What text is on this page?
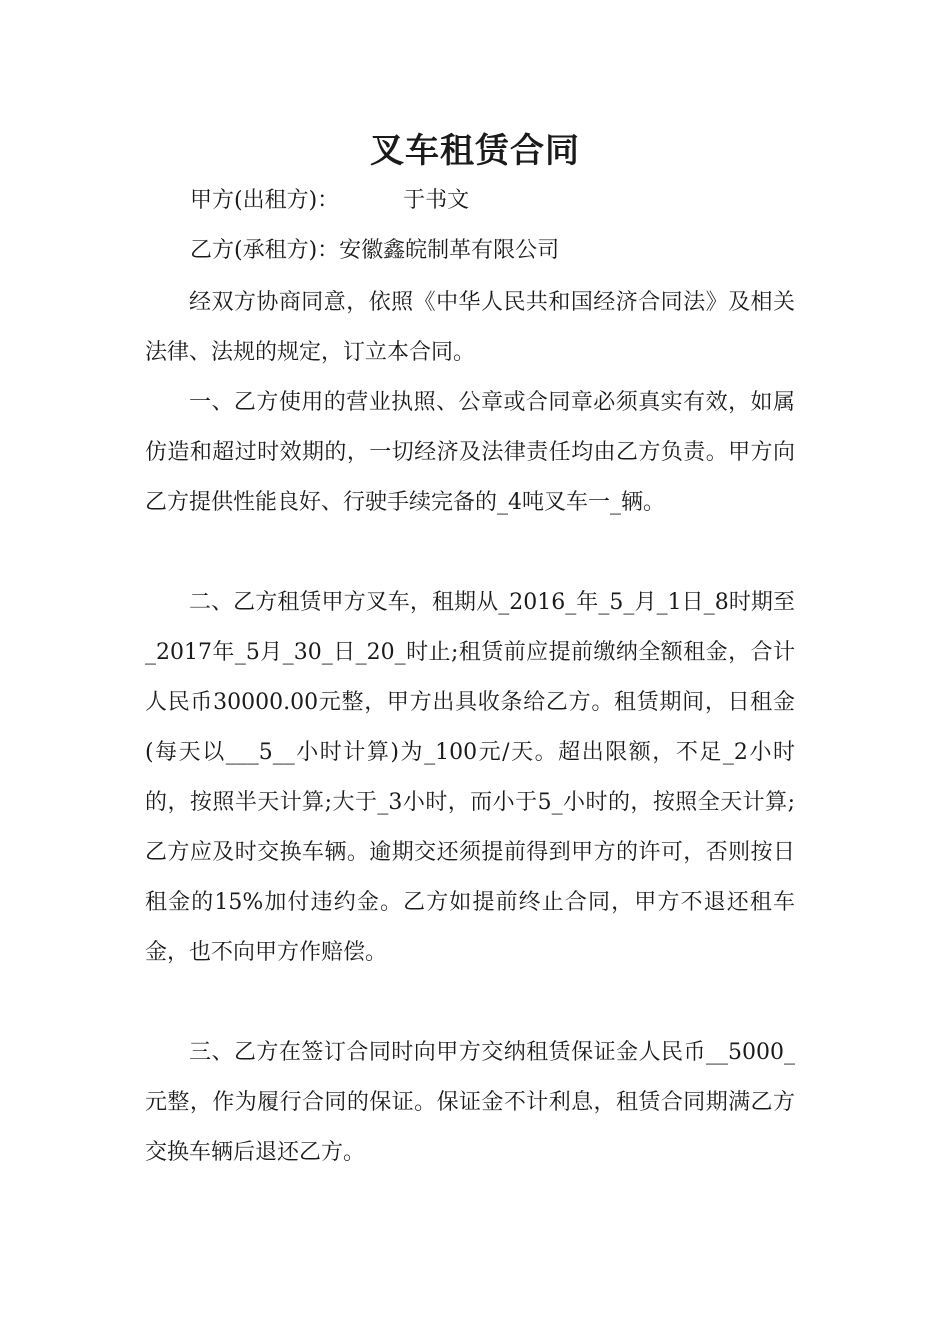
叉车租赁合同
甲方(出租方)：	于书文
乙方(承租方)：安徽鑫皖制革有限公司

经双方协商同意，依照《中华人民共和国经济合同法》及相关法律、法规的规定，订立本合同。

一、乙方使用的营业执照、公章或合同章必须真实有效，如属仿造和超过时效期的，一切经济及法律责任均由乙方负责。甲方向乙方提供性能良好、行驶手续完备的_4吨叉车一_辆。

二、乙方租赁甲方叉车，租期从_2016_年_5_月_1日_8时期至_2017年_5月_30_日_20_时止;租赁前应提前缴纳全额租金，合计人民币30000.00元整，甲方出具收条给乙方。租赁期间，日租金(每天以___5__小时计算)为_100元/天。超出限额，不足_2小时的，按照半天计算;大于_3小时，而小于5_小时的，按照全天计算;乙方应及时交换车辆。逾期交还须提前得到甲方的许可，否则按日租金的15%加付违约金。乙方如提前终止合同，甲方不退还租车金，也不向甲方作赔偿。

三、乙方在签订合同时向甲方交纳租赁保证金人民币__5000_元整，作为履行合同的保证。保证金不计利息，租赁合同期满乙方交换车辆后退还乙方。
